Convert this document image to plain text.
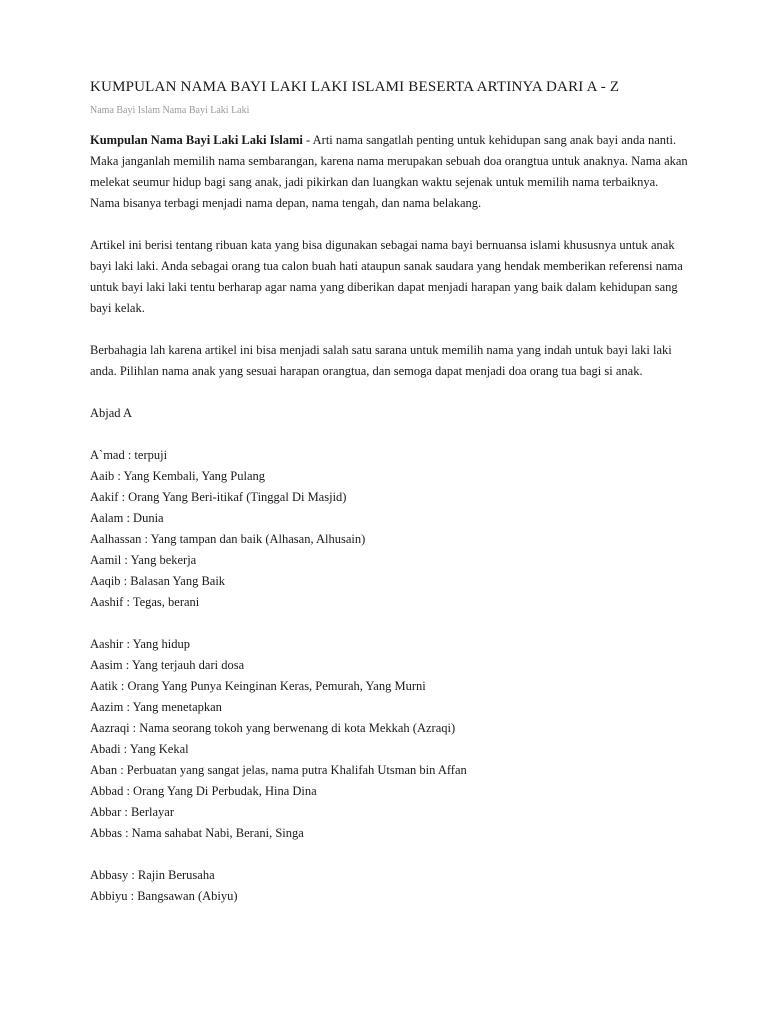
KUMPULAN NAMA BAYI LAKI LAKI ISLAMI BESERTA ARTINYA DARI A - Z
Nama Bayi Islam Nama Bayi Laki Laki

Kumpulan Nama Bayi Laki Laki Islami - Arti nama sangatlah penting untuk kehidupan sang anak bayi anda nanti. Maka janganlah memilih nama sembarangan, karena nama merupakan sebuah doa orangtua untuk anaknya. Nama akan melekat seumur hidup bagi sang anak, jadi pikirkan dan luangkan waktu sejenak untuk memilih nama terbaiknya. Nama bisanya terbagi menjadi nama depan, nama tengah, dan nama belakang.

Artikel ini berisi tentang ribuan kata yang bisa digunakan sebagai nama bayi bernuansa islami khususnya untuk anak bayi laki laki. Anda sebagai orang tua calon buah hati ataupun sanak saudara yang hendak memberikan referensi nama untuk bayi laki laki tentu berharap agar nama yang diberikan dapat menjadi harapan yang baik dalam kehidupan sang bayi kelak.

Berbahagia lah karena artikel ini bisa menjadi salah satu sarana untuk memilih nama yang indah untuk bayi laki laki anda. Pilihlan nama anak yang sesuai harapan orangtua, dan semoga dapat menjadi doa orang tua bagi si anak.

Abjad A
A`mad : terpuji
Aaib : Yang Kembali, Yang Pulang
Aakif : Orang Yang Beri-itikaf (Tinggal Di Masjid)
Aalam : Dunia
Aalhassan : Yang tampan dan baik (Alhasan, Alhusain)
Aamil : Yang bekerja
Aaqib : Balasan Yang Baik
Aashif : Tegas, berani
Aashir : Yang hidup
Aasim : Yang terjauh dari dosa
Aatik : Orang Yang Punya Keinginan Keras, Pemurah, Yang Murni
Aazim : Yang menetapkan
Aazraqi : Nama seorang tokoh yang berwenang di kota Mekkah (Azraqi)
Abadi : Yang Kekal
Aban : Perbuatan yang sangat jelas, nama putra Khalifah Utsman bin Affan
Abbad : Orang Yang Di Perbudak, Hina Dina
Abbar : Berlayar
Abbas : Nama sahabat Nabi, Berani, Singa
Abbasy : Rajin Berusaha
Abbiyu : Bangsawan (Abiyu)
